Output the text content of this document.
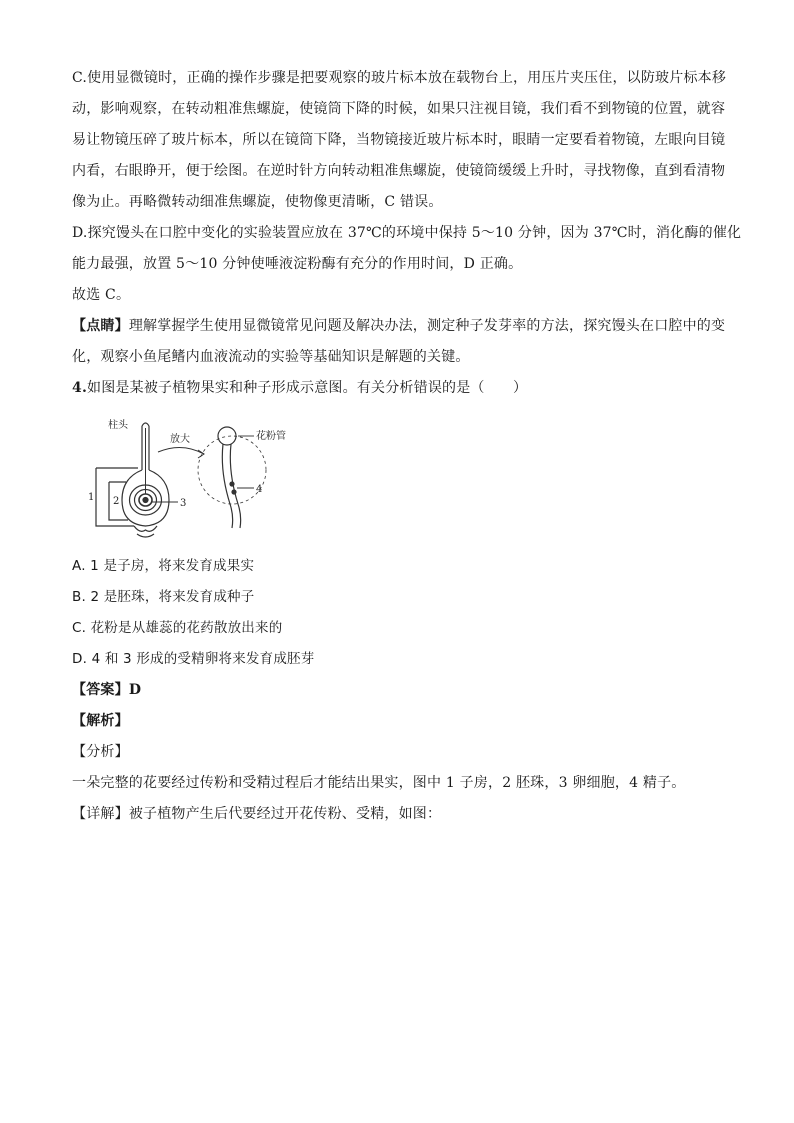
C.使用显微镜时，正确的操作步骤是把要观察的玻片标本放在载物台上，用压片夹压住，以防玻片标本移
动，影响观察，在转动粗准焦螺旋，使镜筒下降的时候，如果只注视目镜，我们看不到物镜的位置，就容
易让物镜压碎了玻片标本，所以在镜筒下降，当物镜接近玻片标本时，眼睛一定要看着物镜，左眼向目镜
内看，右眼睁开，便于绘图。在逆时针方向转动粗准焦螺旋，使镜筒缓缓上升时，寻找物像，直到看清物
像为止。再略微转动细准焦螺旋，使物像更清晰，C 错误。
D.探究馒头在口腔中变化的实验装置应放在 37℃的环境中保持 5～10 分钟，因为 37℃时，消化酶的催化
能力最强，放置 5～10 分钟使唾液淀粉酶有充分的作用时间，D 正确。
故选 C。
【点睛】理解掌握学生使用显微镜常见问题及解决办法，测定种子发芽率的方法，探究馒头在口腔中的变
化，观察小鱼尾鳍内血液流动的实验等基础知识是解题的关键。
4.如图是某被子植物果实和种子形成示意图。有关分析错误的是（　　）
柱头
放大	花粉管
1 2	3
4
A. 1 是子房，将来发育成果实
B. 2 是胚珠，将来发育成种子
C. 花粉是从雄蕊的花药散放出来的
D. 4 和 3 形成的受精卵将来发育成胚芽
【答案】D
【解析】
【分析】
一朵完整的花要经过传粉和受精过程后才能结出果实，图中 1 子房，2 胚珠，3 卵细胞，4 精子。
【详解】被子植物产生后代要经过开花传粉、受精，如图：
